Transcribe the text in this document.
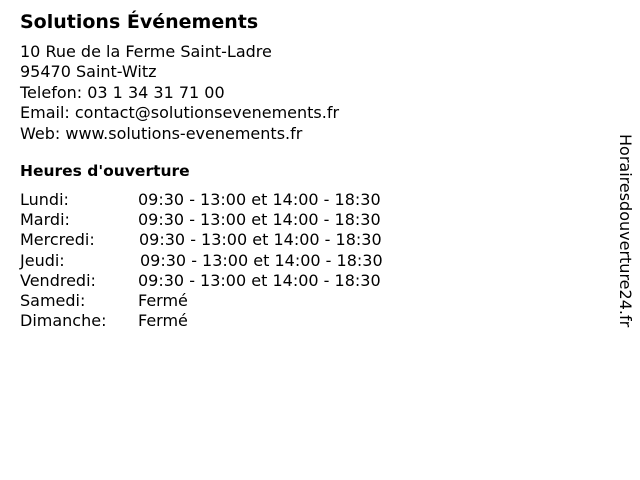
Solutions Événements
10 Rue de la Ferme Saint-Ladre
95470 Saint-Witz
Telefon: 03 1 34 31 71 00
Email: contact@solutionsevenements.fr
Web: www.solutions-evenements.fr
Heures d'ouverture
Lundi:	09:30 - 13:00 et 14:00 - 18:30
Mardi:	09:30 - 13:00 et 14:00 - 18:30
Mercredi:	09:30 - 13:00 et 14:00 - 18:30
Jeudi:	09:30 - 13:00 et 14:00 - 18:30
Vendredi:	09:30 - 13:00 et 14:00 - 18:30
Samedi:	Fermé
Dimanche:	Fermé	Horairesdouverture24.fr
